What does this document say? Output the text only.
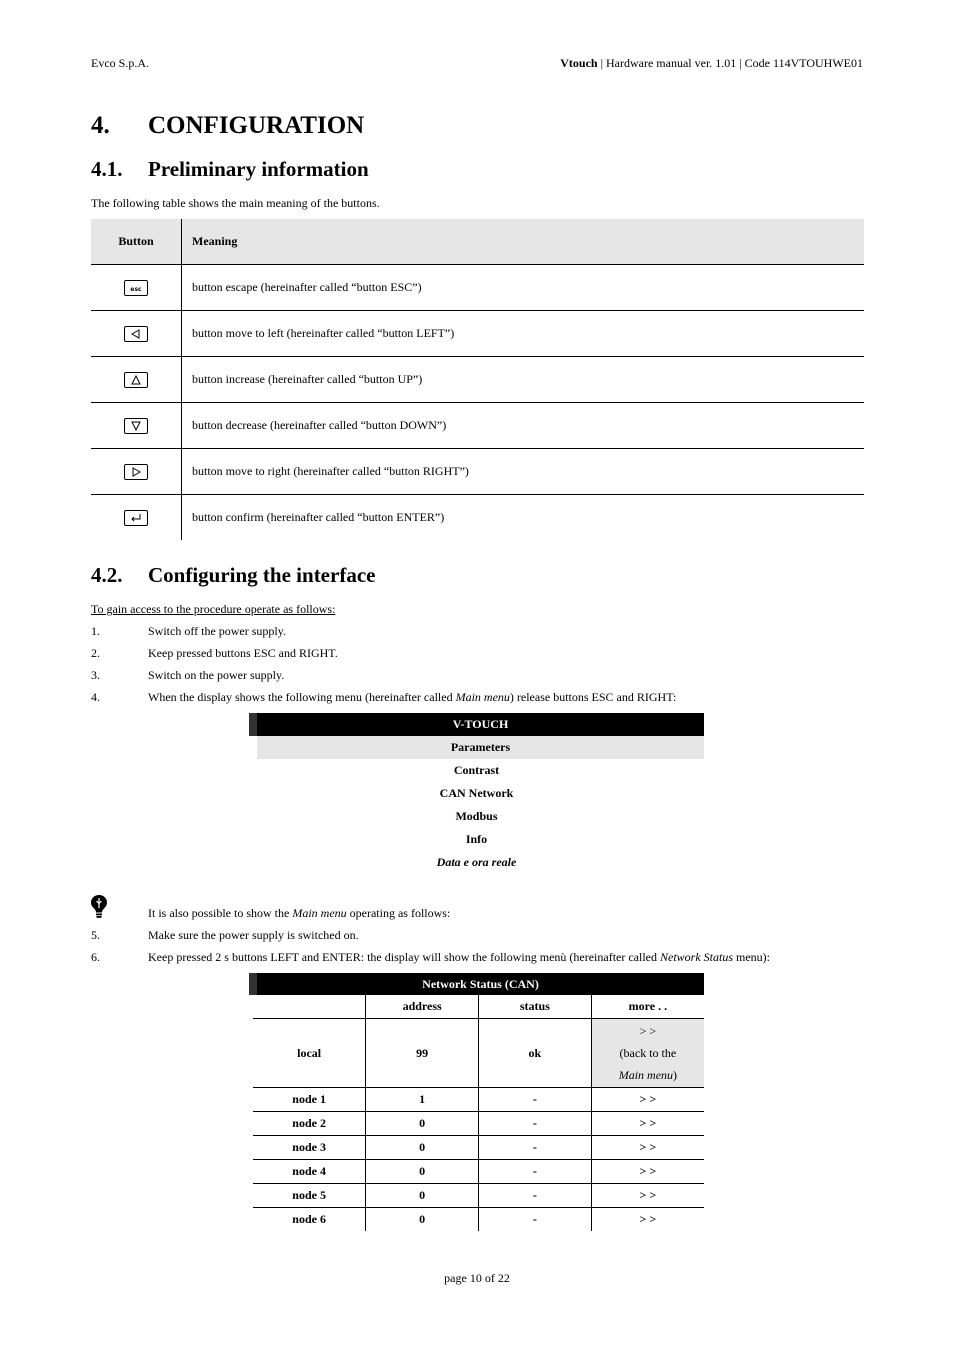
Evco S.p.A.	Vtouch | Hardware manual ver. 1.01 | Code 114VTOUHWE01
4. CONFIGURATION
4.1. Preliminary information
The following table shows the main meaning of the buttons.
Button	Meaning

esc	button escape (hereinafter called “button ESC”)

	button move to left (hereinafter called “button LEFT”)

	button increase (hereinafter called “button UP”)

	button decrease (hereinafter called “button DOWN”)

	button move to right (hereinafter called “button RIGHT”)

	button confirm (hereinafter called “button ENTER”)
4.2. Configuring the interface
To gain access to the procedure operate as follows:
1.	Switch off the power supply.
2.	Keep pressed buttons ESC and RIGHT.
3.	Switch on the power supply.
4.	When the display shows the following menu (hereinafter called Main menu) release buttons ESC and RIGHT:
V-TOUCH
Parameters
Contrast
CAN Network
Modbus
Info
Data e ora reale
It is also possible to show the Main menu operating as follows:
5.	Make sure the power supply is switched on.
6.	Keep pressed 2 s buttons LEFT and ENTER: the display will show the following menù (hereinafter called Network Status menu):
Network Status (CAN)			
	address	status	more . .
local	99	ok	> >
(back to the
Main menu)

node 1	1	-	> >
node 2	0	-	> >
node 3	0	-	> >
node 4	0	-	> >
node 5	0	-	> >
node 6	0	-	> >
page 10 of 22
